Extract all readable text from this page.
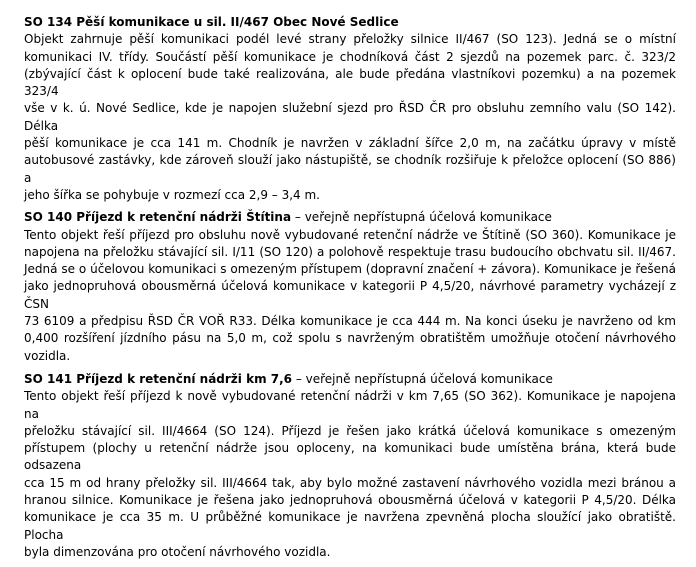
SO 134 Pěší komunikace u sil. II/467 Obec Nové Sedlice
Objekt zahrnuje pěší komunikaci podél levé strany přeložky silnice II/467 (SO 123). Jedná se o místní
komunikaci IV. třídy. Součástí pěší komunikace je chodníková část 2 sjezdů na pozemek parc. č. 323/2
(zbývající část k oplocení bude také realizována, ale bude předána vlastníkovi pozemku) a na pozemek 323/4
vše v k. ú. Nové Sedlice, kde je napojen služební sjezd pro ŘSD ČR pro obsluhu zemního valu (SO 142). Délka
pěší komunikace je cca 141 m. Chodník je navržen v základní šířce 2,0 m, na začátku úpravy v místě
autobusové zastávky, kde zároveň slouží jako nástupiště, se chodník rozšiřuje k přeložce oplocení (SO 886) a
jeho šířka se pohybuje v rozmezí cca 2,9 – 3,4 m.
SO 140 Příjezd k retenční nádrži Štítina – veřejně nepřístupná účelová komunikace
Tento objekt řeší příjezd pro obsluhu nově vybudované retenční nádrže ve Štítině (SO 360). Komunikace je
napojena na přeložku stávající sil. I/11 (SO 120) a polohově respektuje trasu budoucího obchvatu sil. II/467.
Jedná se o účelovou komunikaci s omezeným přístupem (dopravní značení + závora). Komunikace je řešená
jako jednopruhová obousměrná účelová komunikace v kategorii P 4,5/20, návrhové parametry vycházejí z ČSN
73 6109 a předpisu ŘSD ČR VOŘ R33. Délka komunikace je cca 444 m. Na konci úseku je navrženo od km
0,400 rozšíření jízdního pásu na 5,0 m, což spolu s navrženým obratištěm umožňuje otočení návrhového
vozidla.
SO 141 Příjezd k retenční nádrži km 7,6 – veřejně nepřístupná účelová komunikace
Tento objekt řeší příjezd k nově vybudované retenční nádrži v km 7,65 (SO 362). Komunikace je napojena na
přeložku stávající sil. III/4664 (SO 124). Příjezd je řešen jako krátká účelová komunikace s omezeným
přístupem (plochy u retenční nádrže jsou oploceny, na komunikaci bude umístěna brána, která bude odsazena
cca 15 m od hrany přeložky sil. III/4664 tak, aby bylo možné zastavení návrhového vozidla mezi bránou a
hranou silnice. Komunikace je řešena jako jednopruhová obousměrná účelová v kategorii P 4,5/20. Délka
komunikace je cca 35 m. U průběžné komunikace je navržena zpevněná plocha sloužící jako obratiště. Plocha
byla dimenzována pro otočení návrhového vozidla.
